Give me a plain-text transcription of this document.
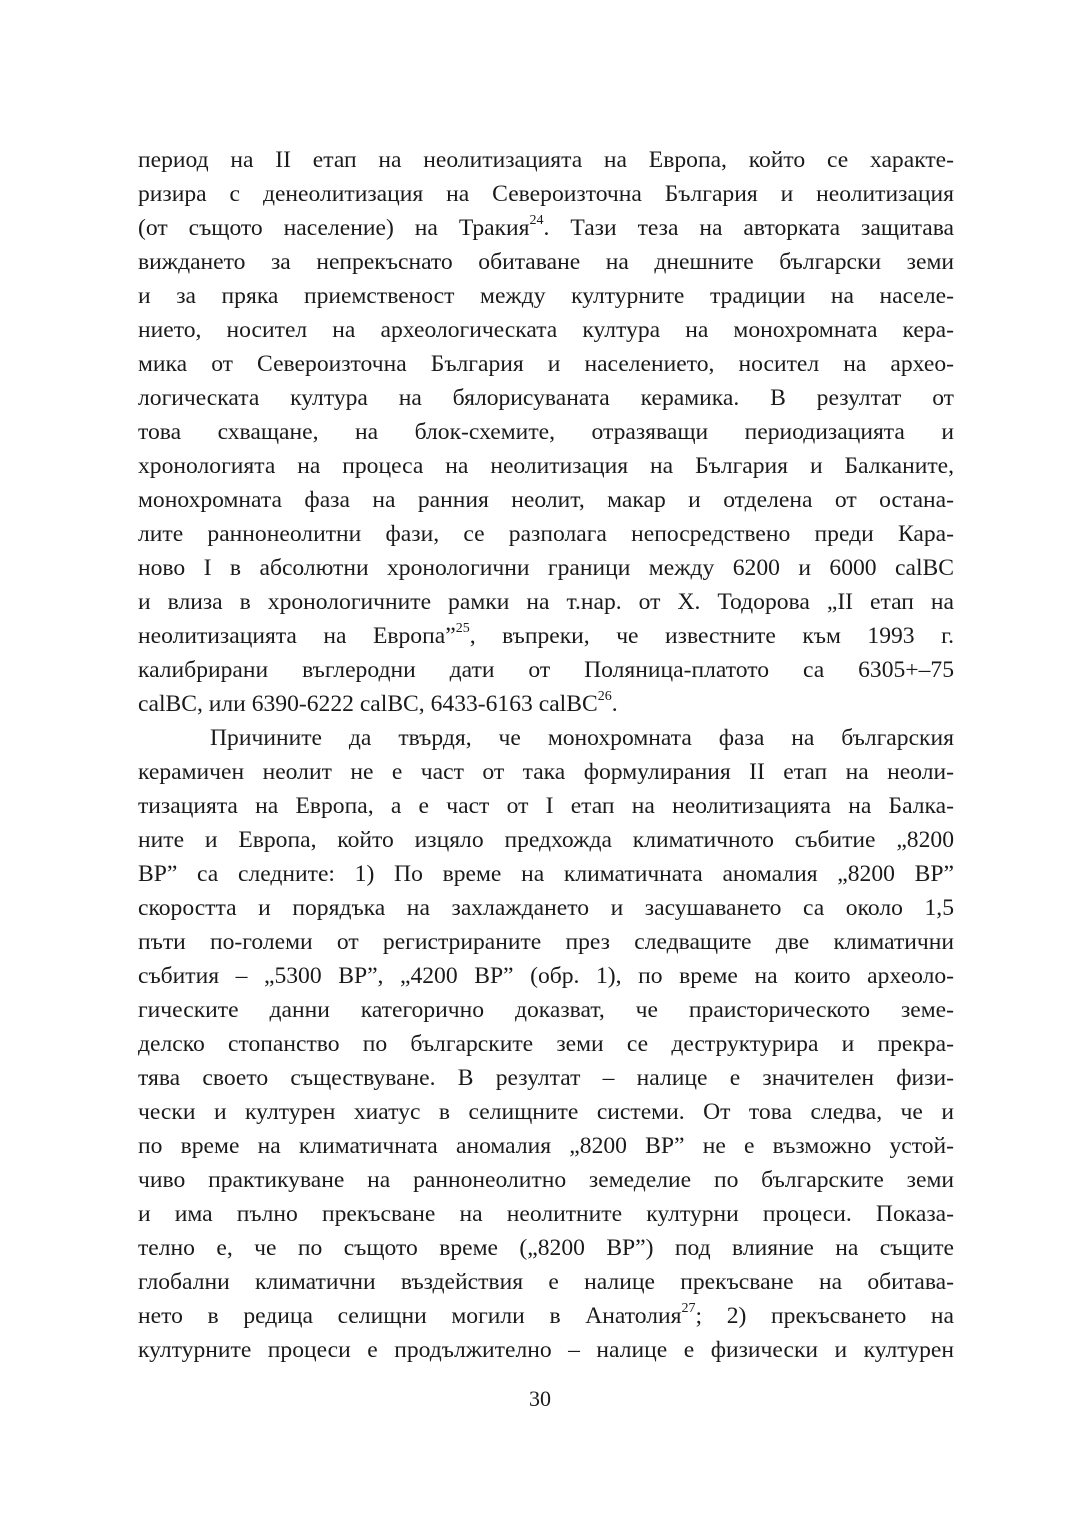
период на II етап на неолитизацията на Европа, който се характе-
ризира с денеолитизация на Североизточна България и неолитизация
(от същото население) на Тракия$^{24}$. Тази теза на авторката защитава
вижданeто за непрекъснато обитаване на днешните български земи
и за пряка приемственост между културните традиции на населе-
нието, носител на археологическата култура на монохромната кера-
мика от Североизточна България и населението, носител на археo-
логическата култура на бялорисуваната керамика. В резултат от
това схващане, на блок-схемите, отразяващи периодизацията и
хронологията на процеса на неолитизация на България и Балканите,
монохромната фаза на ранния неолит, макар и отделена от остана-
лите раннонеолитни фази, се разполага непосредствено преди Кара-
ново I в абсолютни хронологични граници между 6200 и 6000 calBC
и влиза в хронологичните рамки на т.нар. от Х. Тодорова „II етап на
неолитизацията на Европа”$^{25}$, въпреки, че известните към 1993 г.
калибрирани въглеродни дати от Поляница-платото са 6305+–75
calBC, или 6390-6222 calBC, 6433-6163 calBC$^{26}$.
Причините да твърдя, че монохромната фаза на българския
керамичен неолит не е част от така формулирания II етап на неоли-
тизацията на Европа, а е част от I етап на неолитизацията на Балка-
ните и Европа, който изцяло предхожда климатичното събитие „8200
BP” са следните: 1) По време на климатичната аномалия „8200 BP”
скоростта и порядъка на захлаждането и засушаването са около 1,5
пъти по-големи от регистрираните през следващите две климатични
събития – „5300 BP”, „4200 BP” (обр. 1), по време на които археоло-
гическите данни категорично доказват, че праисторическото земе-
делско стопанство по българските земи се деструктурира и прекра-
тява своето съществуване. В резултат – налице е значителен физи-
чески и културен хиатус в селищните системи. От това следва, че и
по време на климатичната аномалия „8200 BP” не е възможно устой-
чиво практикуване на раннонеолитно земеделие по българските земи
и има пълно прекъсване на неолитните културни процеси. Показа-
телно е, че по същото време („8200 BP”) под влияние на същите
глобални климатични въздействия е налице прекъсване на обитава-
нето в редица селищни могили в Анатолия$^{27}$; 2) прекъсването на
културните процеси е продължително – налице е физически и културен
30
